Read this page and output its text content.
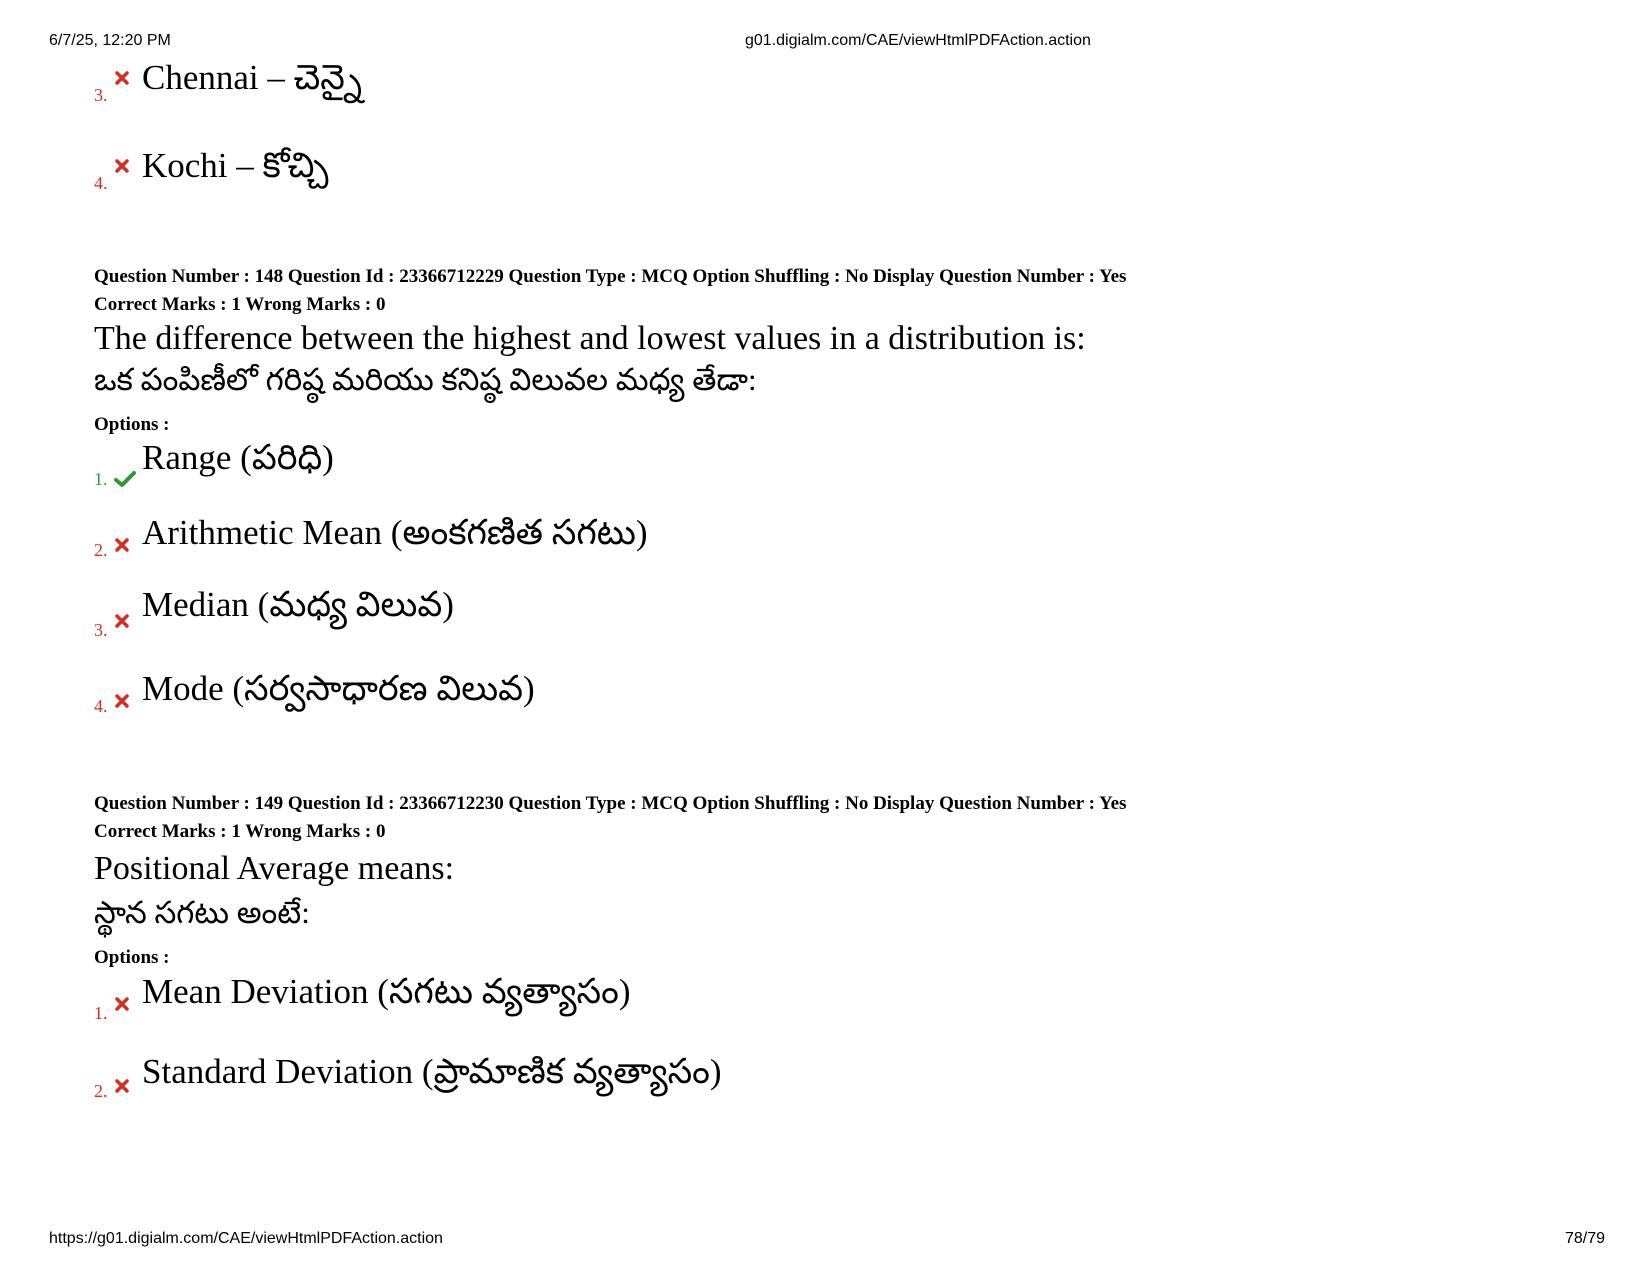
6/7/25, 12:20 PM	g01.digialm.com/CAE/viewHtmlPDFAction.action
3. Chennai – చెన్నై
4. Kochi – కోచ్చి
Question Number : 148 Question Id : 23366712229 Question Type : MCQ Option Shuffling : No Display Question Number : Yes
Correct Marks : 1 Wrong Marks : 0
The difference between the highest and lowest values in a distribution is:
ఒక పంపిణీలో గరిష్ఠ మరియు కనిష్ఠ విలువల మధ్య తేడా:
Options :
1.
Range (పరిధి)
2. Arithmetic Mean (అంకగణిత సగటు)
3.
Median (మధ్య విలువ)
4. Mode (సర్వసాధారణ విలువ)
Question Number : 149 Question Id : 23366712230 Question Type : MCQ Option Shuffling : No Display Question Number : Yes
Correct Marks : 1 Wrong Marks : 0
Positional Average means:
స్థాన సగటు అంటే:
Options :
1.
Mean Deviation (సగటు వ్యత్యాసం)
2. Standard Deviation (ప్రామాణిక వ్యత్యాసం)
https://g01.digialm.com/CAE/viewHtmlPDFAction.action	78/79
